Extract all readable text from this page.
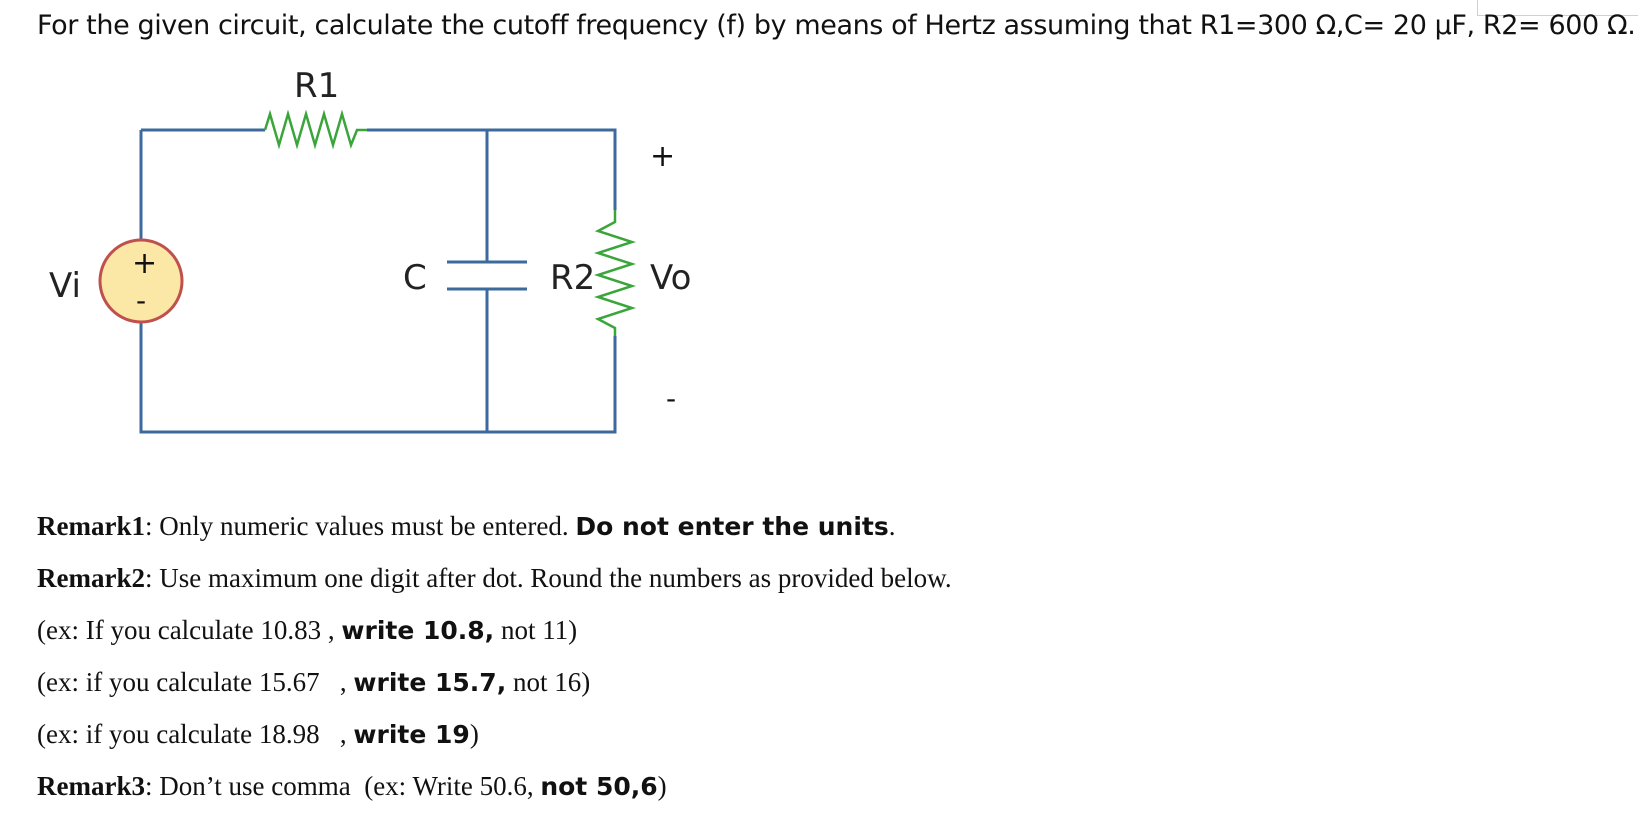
For the given circuit, calculate the cutoff frequency (f) by means of Hertz assuming that R1=300 Ω,C= 20 μF, R2= 600 Ω.
+
-
R1
Vi	C	R2 Vo
+
-
Remark1: Only numeric values must be entered. Do not enter the units.
Remark2: Use maximum one digit after dot. Round the numbers as provided below.
(ex: If you calculate 10.83 , write 10.8, not 11)
(ex: if you calculate 15.67   , write 15.7, not 16)
(ex: if you calculate 18.98   , write 19)
Remark3: Don’t use comma  (ex: Write 50.6, not 50,6)
